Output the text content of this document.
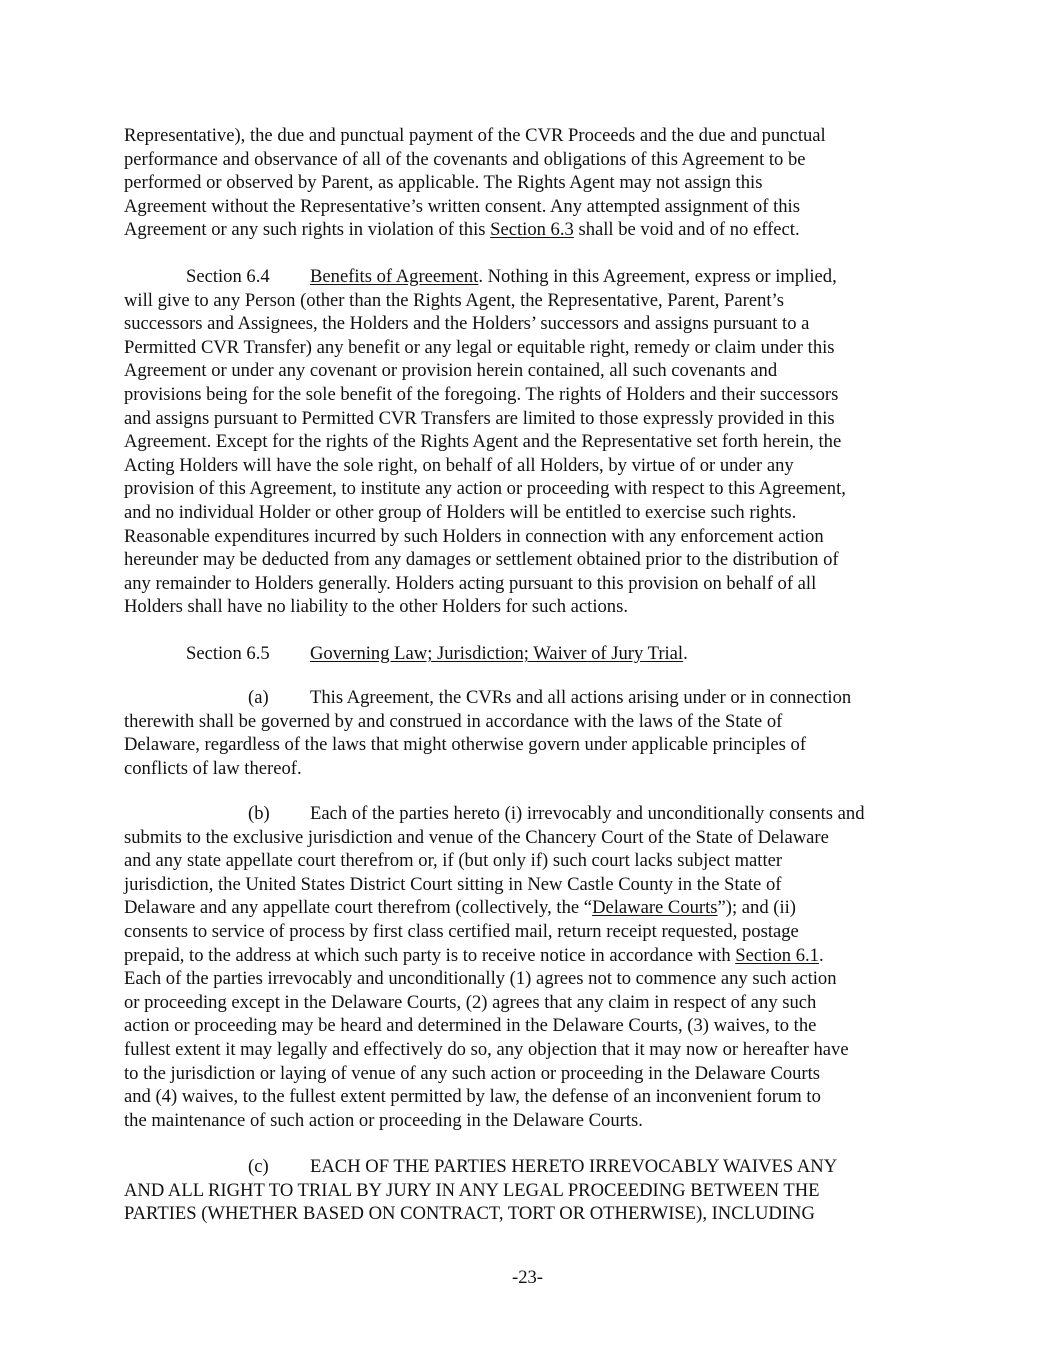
Representative), the due and punctual payment of the CVR Proceeds and the due and punctual
performance and observance of all of the covenants and obligations of this Agreement to be
performed or observed by Parent, as applicable. The Rights Agent may not assign this
Agreement without the Representative’s written consent. Any attempted assignment of this
Agreement or any such rights in violation of this Section 6.3 shall be void and of no effect.
Section 6.4 Benefits of Agreement. Nothing in this Agreement, express or implied,
will give to any Person (other than the Rights Agent, the Representative, Parent, Parent’s
successors and Assignees, the Holders and the Holders’ successors and assigns pursuant to a
Permitted CVR Transfer) any benefit or any legal or equitable right, remedy or claim under this
Agreement or under any covenant or provision herein contained, all such covenants and
provisions being for the sole benefit of the foregoing. The rights of Holders and their successors
and assigns pursuant to Permitted CVR Transfers are limited to those expressly provided in this
Agreement. Except for the rights of the Rights Agent and the Representative set forth herein, the
Acting Holders will have the sole right, on behalf of all Holders, by virtue of or under any
provision of this Agreement, to institute any action or proceeding with respect to this Agreement,
and no individual Holder or other group of Holders will be entitled to exercise such rights.
Reasonable expenditures incurred by such Holders in connection with any enforcement action
hereunder may be deducted from any damages or settlement obtained prior to the distribution of
any remainder to Holders generally. Holders acting pursuant to this provision on behalf of all
Holders shall have no liability to the other Holders for such actions.
Section 6.5 Governing Law; Jurisdiction; Waiver of Jury Trial.
(a) This Agreement, the CVRs and all actions arising under or in connection
therewith shall be governed by and construed in accordance with the laws of the State of
Delaware, regardless of the laws that might otherwise govern under applicable principles of
conflicts of law thereof.
(b) Each of the parties hereto (i) irrevocably and unconditionally consents and
submits to the exclusive jurisdiction and venue of the Chancery Court of the State of Delaware
and any state appellate court therefrom or, if (but only if) such court lacks subject matter
jurisdiction, the United States District Court sitting in New Castle County in the State of
Delaware and any appellate court therefrom (collectively, the “Delaware Courts”); and (ii)
consents to service of process by first class certified mail, return receipt requested, postage
prepaid, to the address at which such party is to receive notice in accordance with Section 6.1.
Each of the parties irrevocably and unconditionally (1) agrees not to commence any such action
or proceeding except in the Delaware Courts, (2) agrees that any claim in respect of any such
action or proceeding may be heard and determined in the Delaware Courts, (3) waives, to the
fullest extent it may legally and effectively do so, any objection that it may now or hereafter have
to the jurisdiction or laying of venue of any such action or proceeding in the Delaware Courts
and (4) waives, to the fullest extent permitted by law, the defense of an inconvenient forum to
the maintenance of such action or proceeding in the Delaware Courts.
(c) EACH OF THE PARTIES HERETO IRREVOCABLY WAIVES ANY
AND ALL RIGHT TO TRIAL BY JURY IN ANY LEGAL PROCEEDING BETWEEN THE
PARTIES (WHETHER BASED ON CONTRACT, TORT OR OTHERWISE), INCLUDING
-23-
